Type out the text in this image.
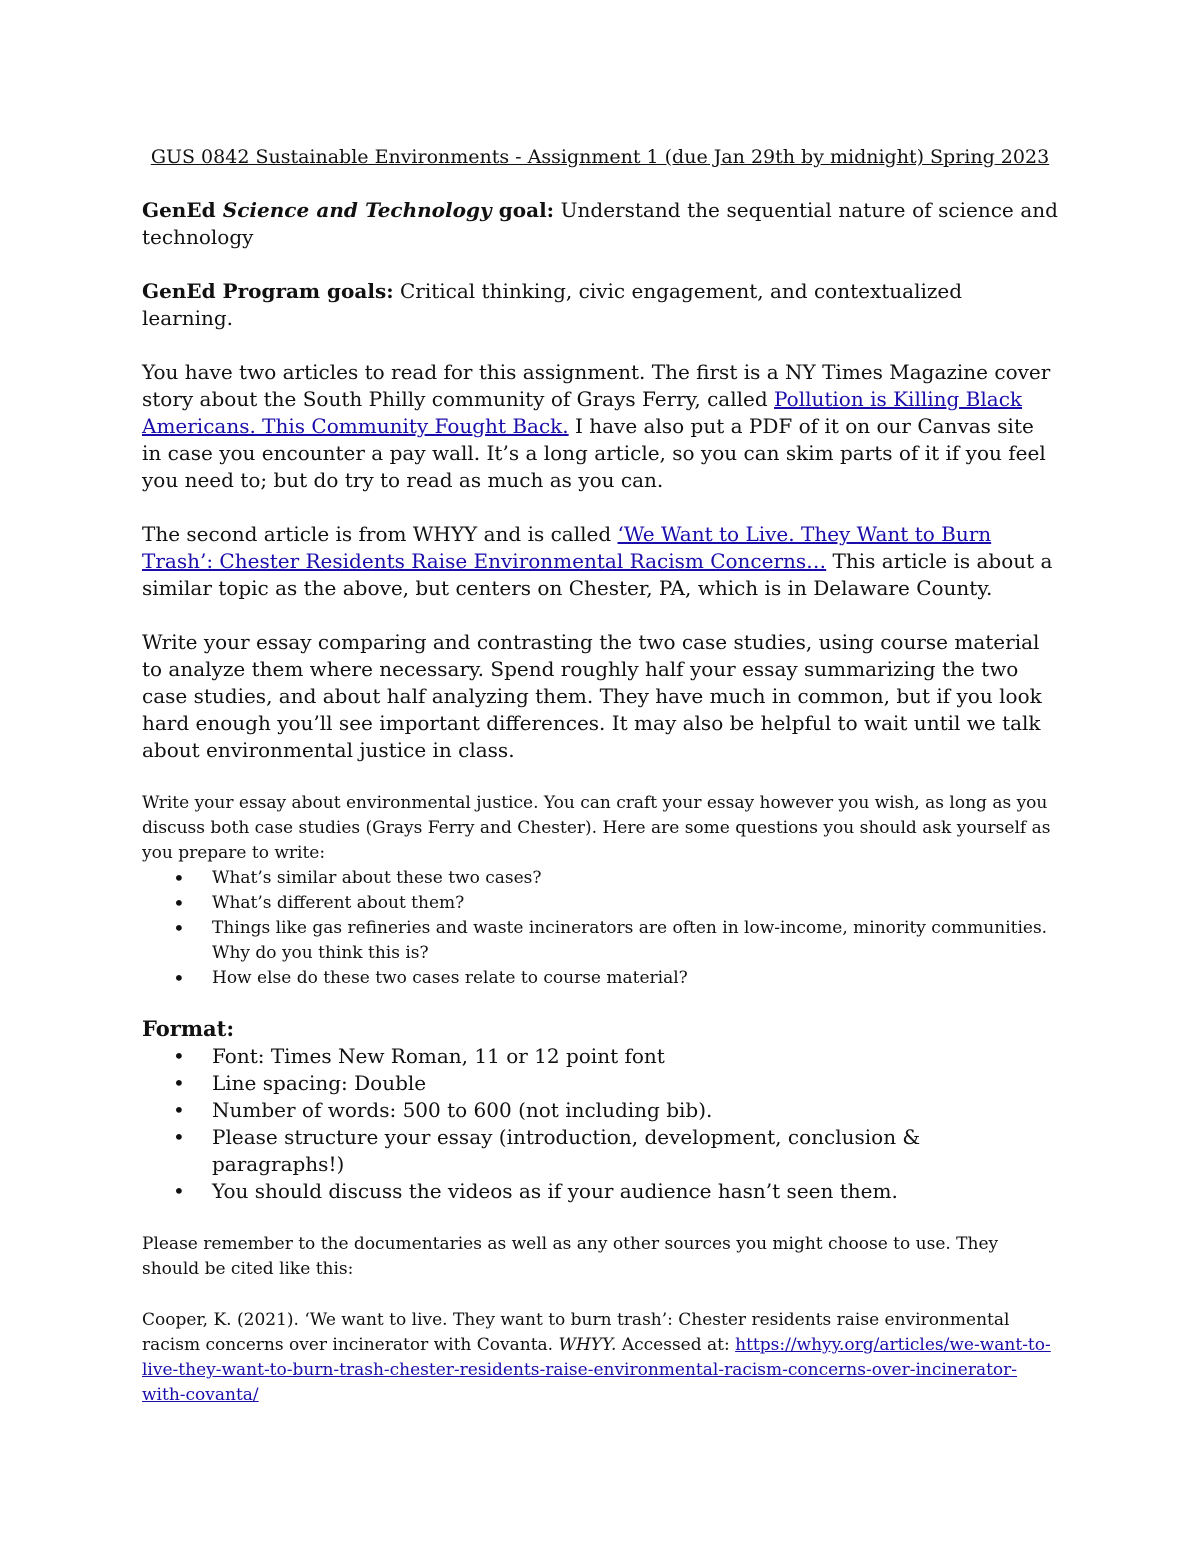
GUS 0842 Sustainable Environments - Assignment 1 (due Jan 29th by midnight) Spring 2023

GenEd Science and Technology goal: Understand the sequential nature of science and technology

GenEd Program goals: Critical thinking, civic engagement, and contextualized learning.

You have two articles to read for this assignment. The first is a NY Times Magazine cover story about the South Philly community of Grays Ferry, called Pollution is Killing Black Americans. This Community Fought Back. I have also put a PDF of it on our Canvas site in case you encounter a pay wall. It’s a long article, so you can skim parts of it if you feel you need to; but do try to read as much as you can.

The second article is from WHYY and is called ‘We Want to Live. They Want to Burn Trash’: Chester Residents Raise Environmental Racism Concerns… This article is about a similar topic as the above, but centers on Chester, PA, which is in Delaware County.

Write your essay comparing and contrasting the two case studies, using course material to analyze them where necessary. Spend roughly half your essay summarizing the two case studies, and about half analyzing them. They have much in common, but if you look hard enough you’ll see important differences. It may also be helpful to wait until we talk about environmental justice in class.

Write your essay about environmental justice. You can craft your essay however you wish, as long as you discuss both case studies (Grays Ferry and Chester). Here are some questions you should ask yourself as you prepare to write:

• What’s similar about these two cases?
• What’s different about them?
• Things like gas refineries and waste incinerators are often in low-income, minority communities. Why do you think this is?
• How else do these two cases relate to course material?

Format:

• Font: Times New Roman, 11 or 12 point font
• Line spacing: Double
• Number of words: 500 to 600 (not including bib).
• Please structure your essay (introduction, development, conclusion & paragraphs!)
• You should discuss the videos as if your audience hasn’t seen them.

Please remember to the documentaries as well as any other sources you might choose to use. They should be cited like this:

Cooper, K. (2021). ‘We want to live. They want to burn trash’: Chester residents raise environmental racism concerns over incinerator with Covanta. WHYY. Accessed at: https://whyy.org/articles/we-want-to-live-they-want-to-burn-trash-chester-residents-raise-environmental-racism-concerns-over-incinerator-with-covanta/
